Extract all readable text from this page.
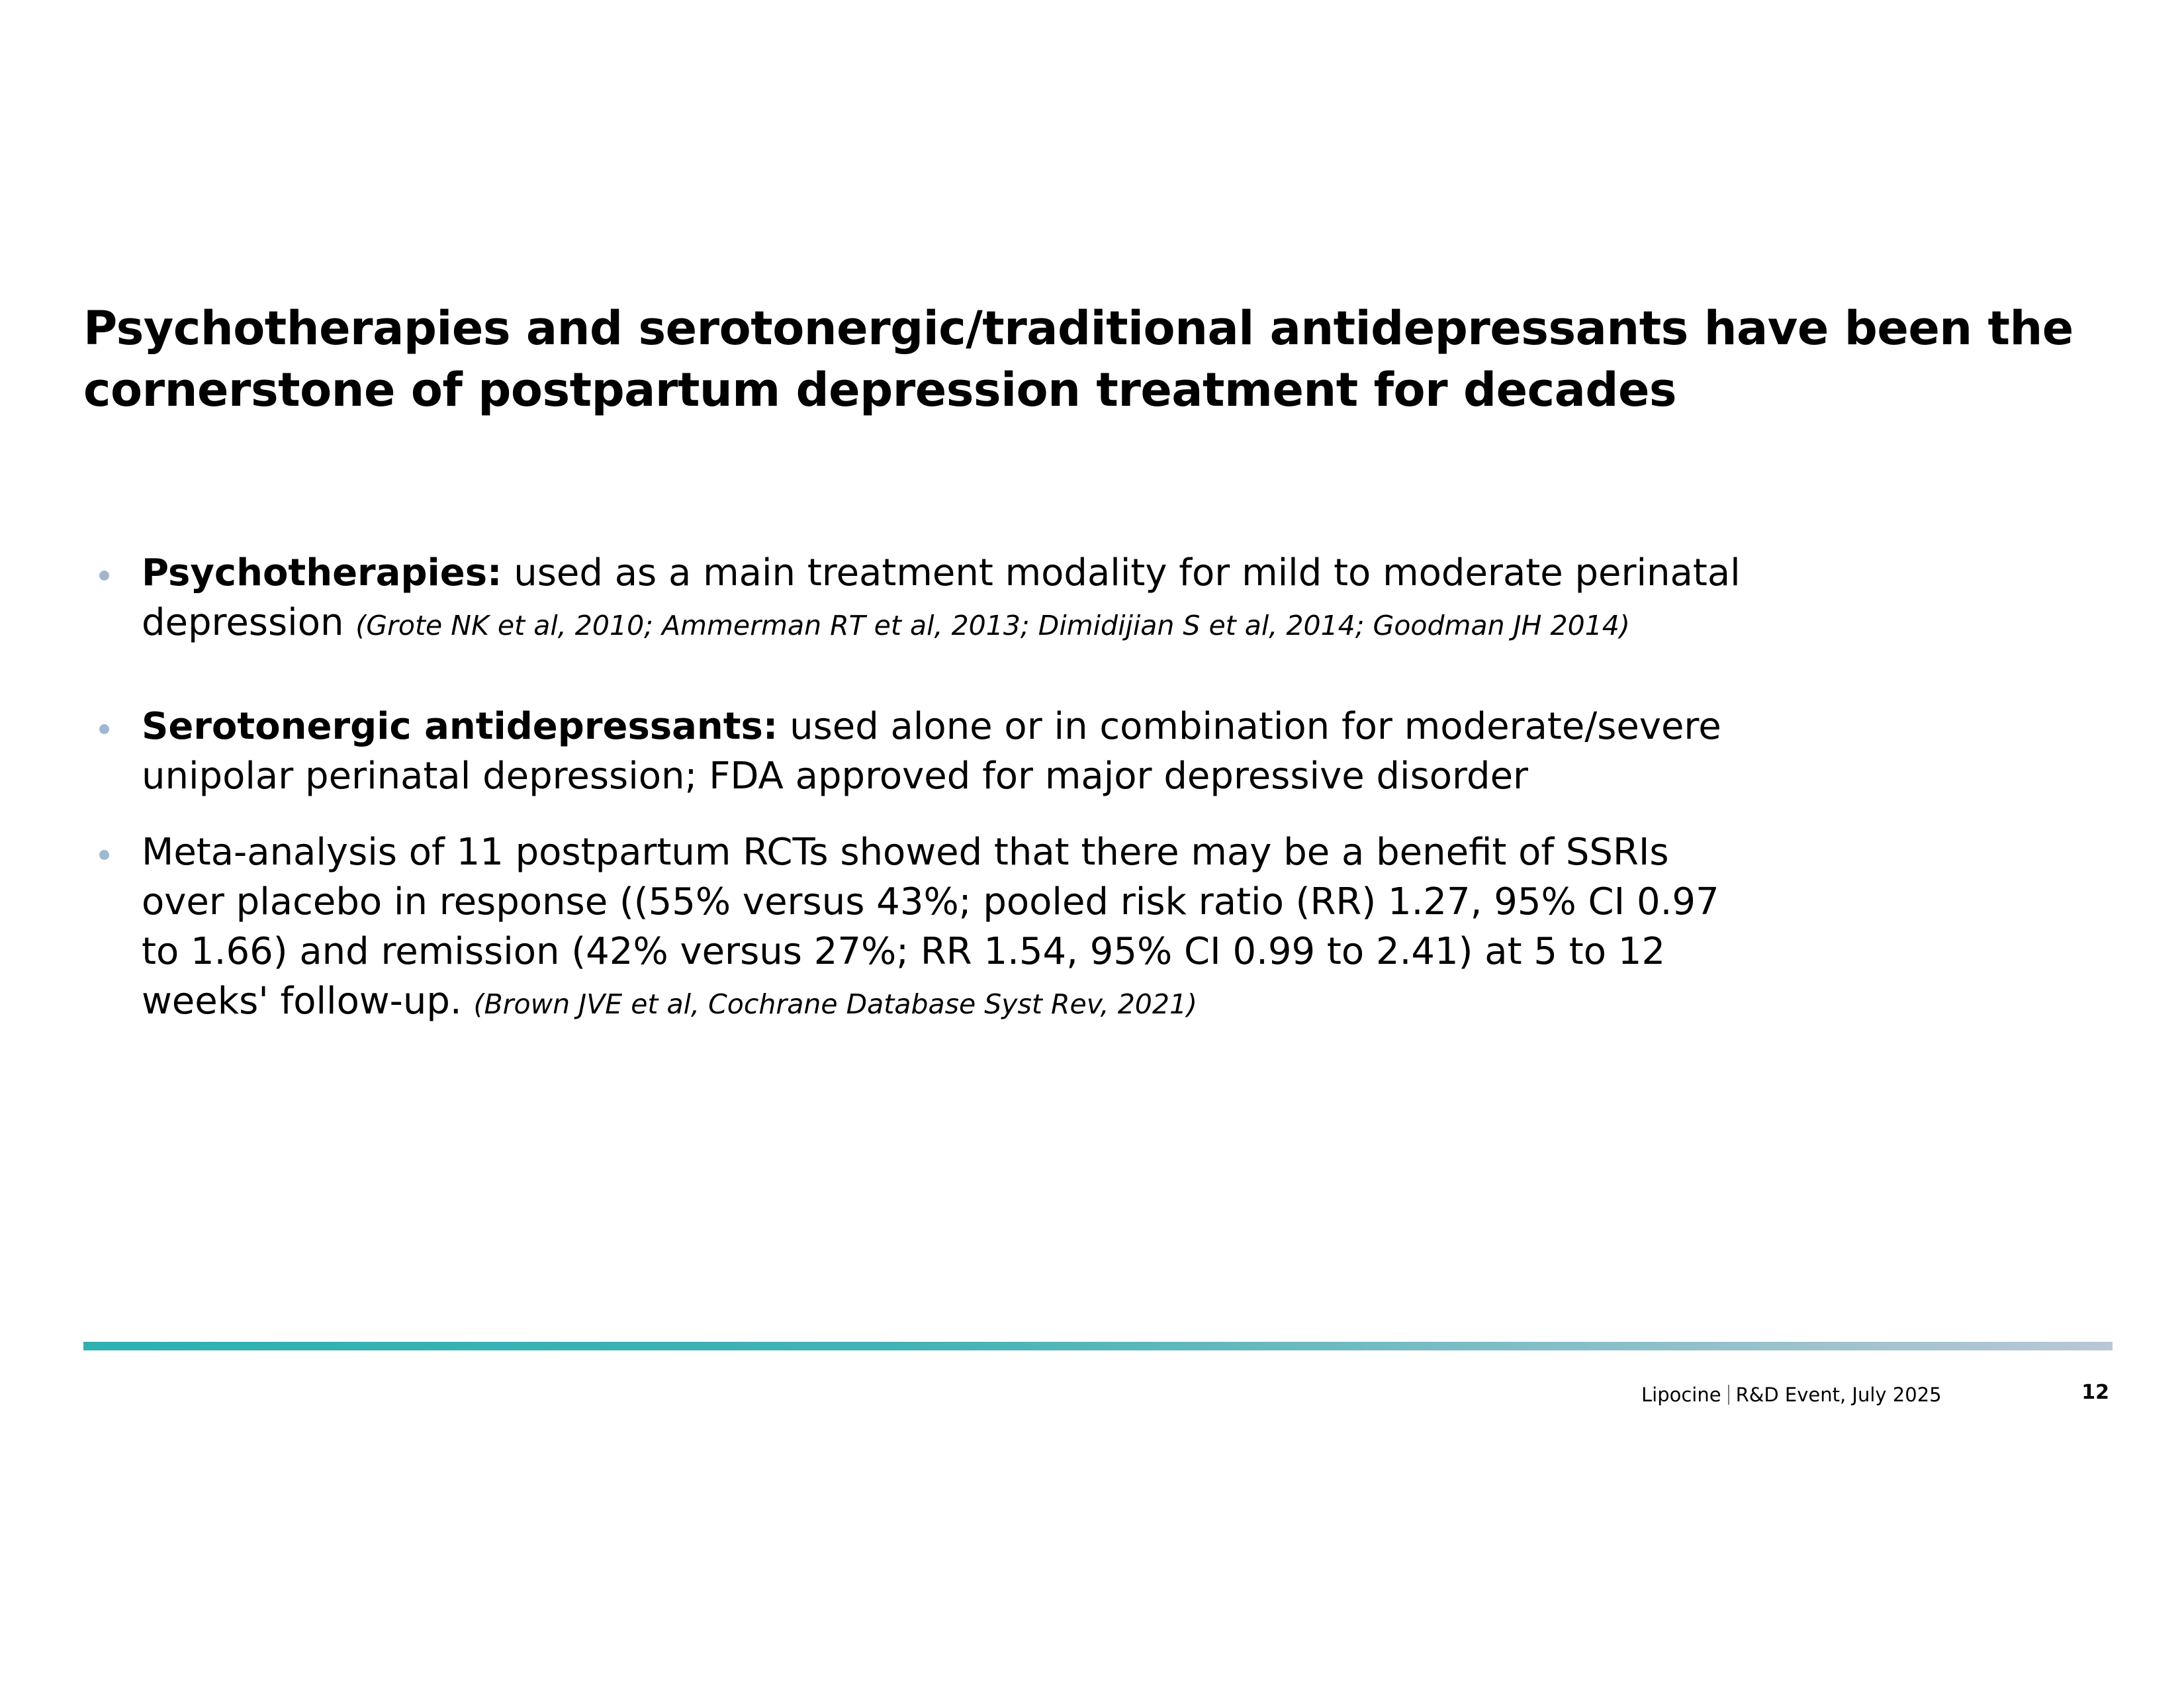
Psychotherapies and serotonergic/traditional antidepressants have been the
cornerstone of postpartum depression treatment for decades
Psychotherapies: used as a main treatment modality for mild to moderate perinatal
depression (Grote NK et al, 2010; Ammerman RT et al, 2013; Dimidijian S et al, 2014; Goodman JH 2014)
Serotonergic antidepressants: used alone or in combination for moderate/severe
unipolar perinatal depression; FDA approved for major depressive disorder
Meta-analysis of 11 postpartum RCTs showed that there may be a benefit of SSRIs
over placebo in response ((55% versus 43%; pooled risk ratio (RR) 1.27, 95% CI 0.97
to 1.66) and remission (42% versus 27%; RR 1.54, 95% CI 0.99 to 2.41) at 5 to 12
weeks' follow-up. (Brown JVE et al, Cochrane Database Syst Rev, 2021)
Lipocine R&D Event, July 2025	12
